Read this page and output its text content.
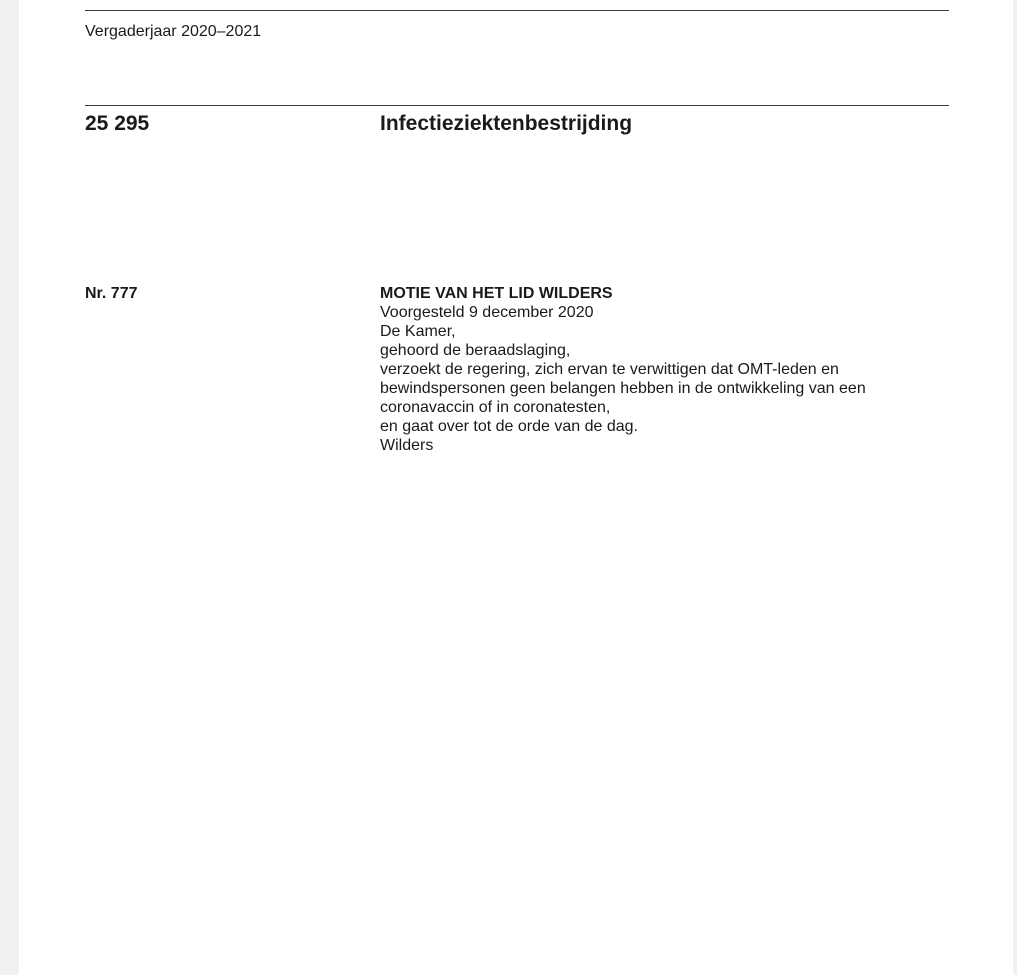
Vergaderjaar 2020–2021
25 295	Infectieziektenbestrijding
Nr. 777	MOTIE VAN HET LID WILDERS

Voorgesteld 9 december 2020

De Kamer,

gehoord de beraadslaging,

verzoekt de regering, zich ervan te verwittigen dat OMT-leden en bewindspersonen geen belangen hebben in de ontwikkeling van een coronavaccin of in coronatesten,

en gaat over tot de orde van de dag.

Wilders
